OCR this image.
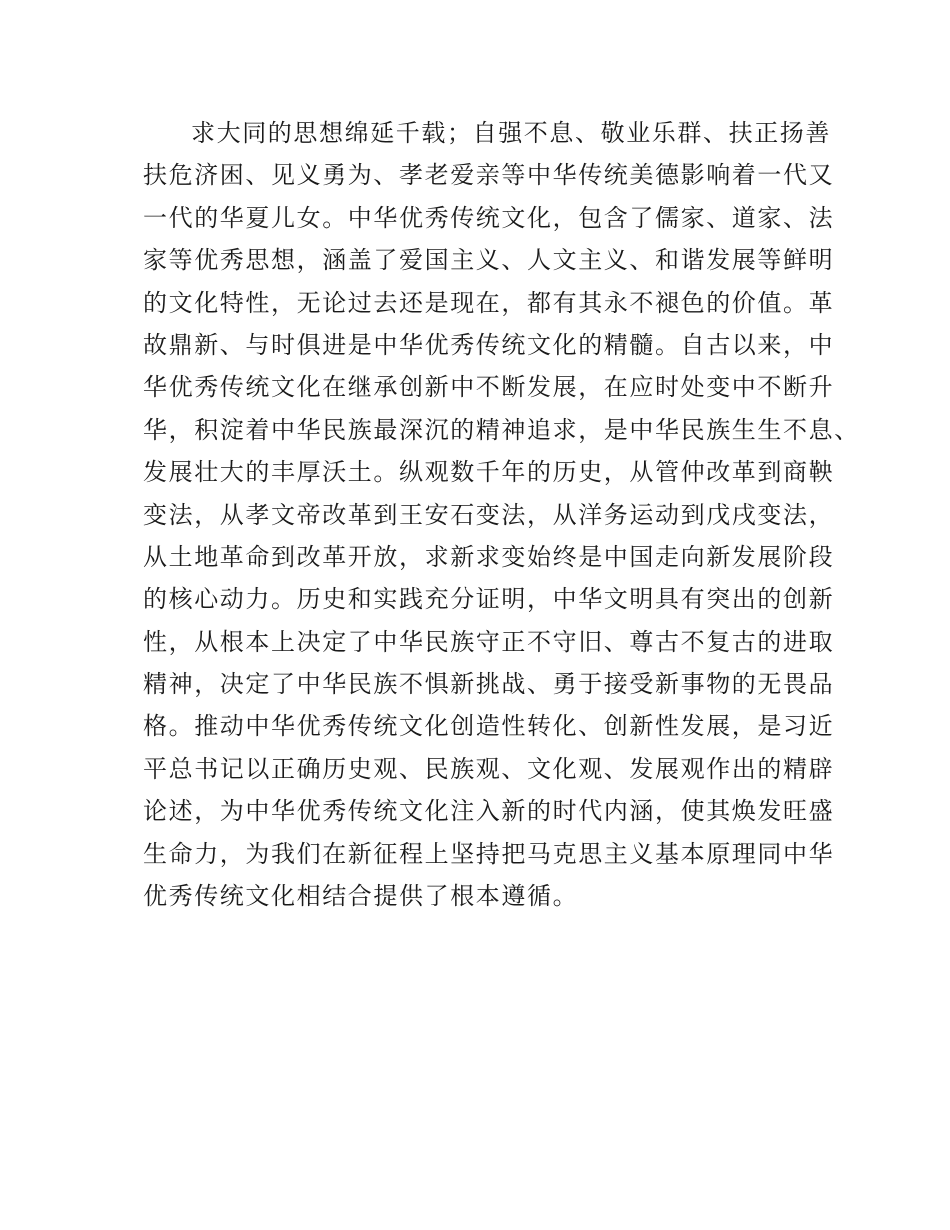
求大同的思想绵延千载；自强不息、敬业乐群、扶正扬善
扶危济困、见义勇为、孝老爱亲等中华传统美德影响着一代又
一代的华夏儿女。中华优秀传统文化，包含了儒家、道家、法
家等优秀思想，涵盖了爱国主义、人文主义、和谐发展等鲜明
的文化特性，无论过去还是现在，都有其永不褪色的价值。革
故鼎新、与时俱进是中华优秀传统文化的精髓。自古以来，中
华优秀传统文化在继承创新中不断发展，在应时处变中不断升
华，积淀着中华民族最深沉的精神追求，是中华民族生生不息、
发展壮大的丰厚沃土。纵观数千年的历史，从管仲改革到商鞅
变法，从孝文帝改革到王安石变法，从洋务运动到戊戌变法，
从土地革命到改革开放，求新求变始终是中国走向新发展阶段
的核心动力。历史和实践充分证明，中华文明具有突出的创新
性，从根本上决定了中华民族守正不守旧、尊古不复古的进取
精神，决定了中华民族不惧新挑战、勇于接受新事物的无畏品
格。推动中华优秀传统文化创造性转化、创新性发展，是习近
平总书记以正确历史观、民族观、文化观、发展观作出的精辟
论述，为中华优秀传统文化注入新的时代内涵，使其焕发旺盛
生命力，为我们在新征程上坚持把马克思主义基本原理同中华
优秀传统文化相结合提供了根本遵循。
